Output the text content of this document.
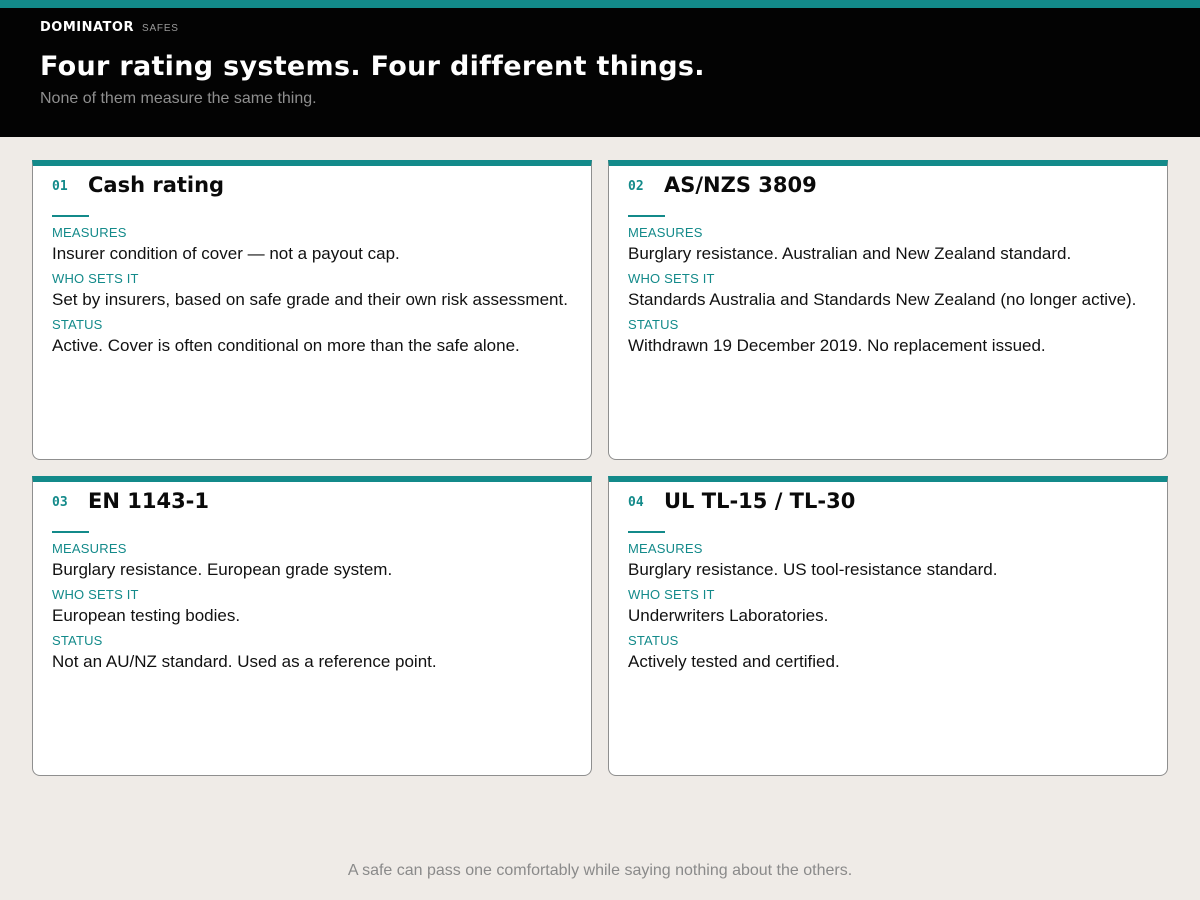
DOMINATOR SAFES
Four rating systems. Four different things.
None of them measure the same thing.
01 Cash rating
MEASURES
Insurer condition of cover — not a payout cap.
WHO SETS IT
Set by insurers, based on safe grade and their own risk assessment.
STATUS
Active. Cover is often conditional on more than the safe alone.
02 AS/NZS 3809
MEASURES
Burglary resistance. Australian and New Zealand standard.
WHO SETS IT
Standards Australia and Standards New Zealand (no longer active).
STATUS
Withdrawn 19 December 2019. No replacement issued.
03 EN 1143-1
MEASURES
Burglary resistance. European grade system.
WHO SETS IT
European testing bodies.
STATUS
Not an AU/NZ standard. Used as a reference point.
04 UL TL-15 / TL-30
MEASURES
Burglary resistance. US tool-resistance standard.
WHO SETS IT
Underwriters Laboratories.
STATUS
Actively tested and certified.
A safe can pass one comfortably while saying nothing about the others.
